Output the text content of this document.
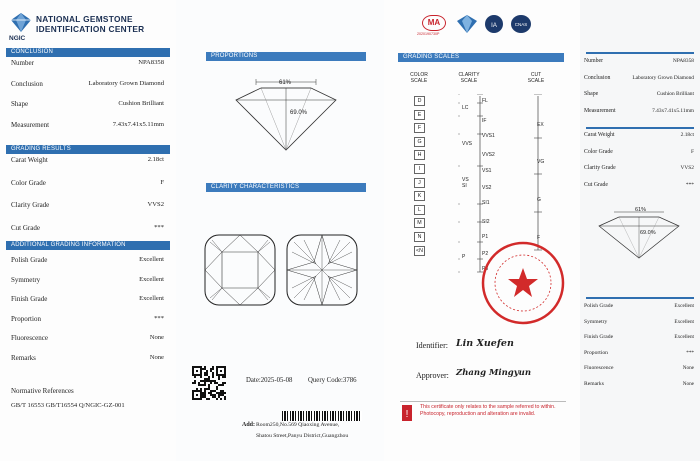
NATIONAL GEMSTONE
IDENTIFICATION CENTER
NGIC
CONCLUSION
Number	NPA8358
Conclusion	Laboratory Grown Diamond
Shape	Cushion Brilliant
Measurement	7.43x7.41x5.11mm
GRADING RESULTS
Carat Weight	2.18ct
Color Grade	F
Clarity Grade	VVS2
Cut Grade	***
ADDITIONAL GRADING INFORMATION
Polish Grade	Excellent
Symmetry	Excellent
Finish Grade	Excellent
Proportion	***
Fluorescence	None
Remarks	None
Normative References
GB/T 16553 GB/T16554 Q/NGIC-GZ-001
PROPORTIONS
61%
69.0%
CLARITY CHARACTERISTICS
Date:2025-05-08 Query Code:3786
Add: Room250,No.569 Qiaoxing Avenue,
Shatou Street,Panyu District,Guangzhou
MA
2020190730P
IA	CNAS
GRADING SCALES
COLOR SCALE
CLARITY SCALE
CUT SCALE
D
E
F
G
H
I
J
K
L
M
N
<N
FL
IF
VVS1
VVS2
VS1
VS2
SI1
SI2
P1
P2
P3
LC
VVS
VS
SI
P
EX
VG
G
F
Identifier: Lin Xuefen
Approver: Zhang Mingyun
!
This certificate only relates to the sample referred to within. Photocopy, reproduction and alteration are invalid.
Number	NPA8358
Conclusion	Laboratory Grown Diamond
Shape	Cushion Brilliant
Measurement	7.43x7.41x5.11mm
Carat Weight	2.18ct
Color Grade	F
Clarity Grade	VVS2
Cut Grade	***
61%
69.0%
Polish Grade	Excellent
Symmetry	Excellent
Finish Grade	Excellent
Proportion	***
Fluorescence	None
Remarks	None
